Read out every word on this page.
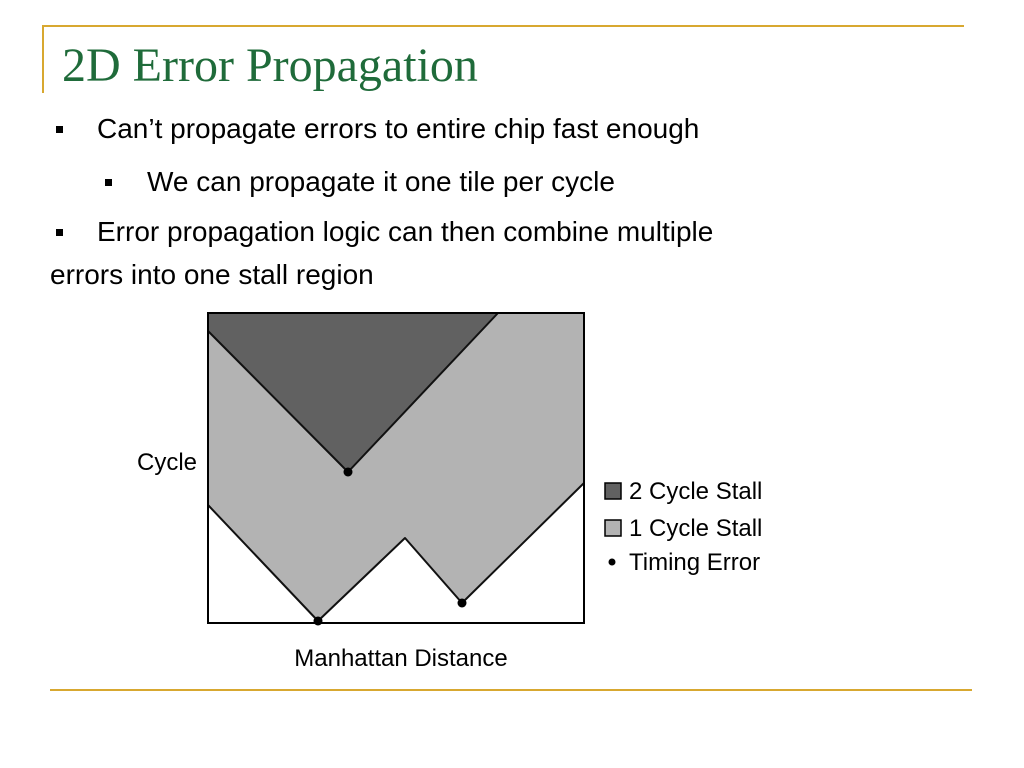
2D Error Propagation
Can’t propagate errors to entire chip fast enough
We can propagate it one tile per cycle
Error propagation logic can then combine multiple
errors into one stall region
Cycle
Manhattan Distance
2 Cycle Stall
1 Cycle Stall
Timing Error
